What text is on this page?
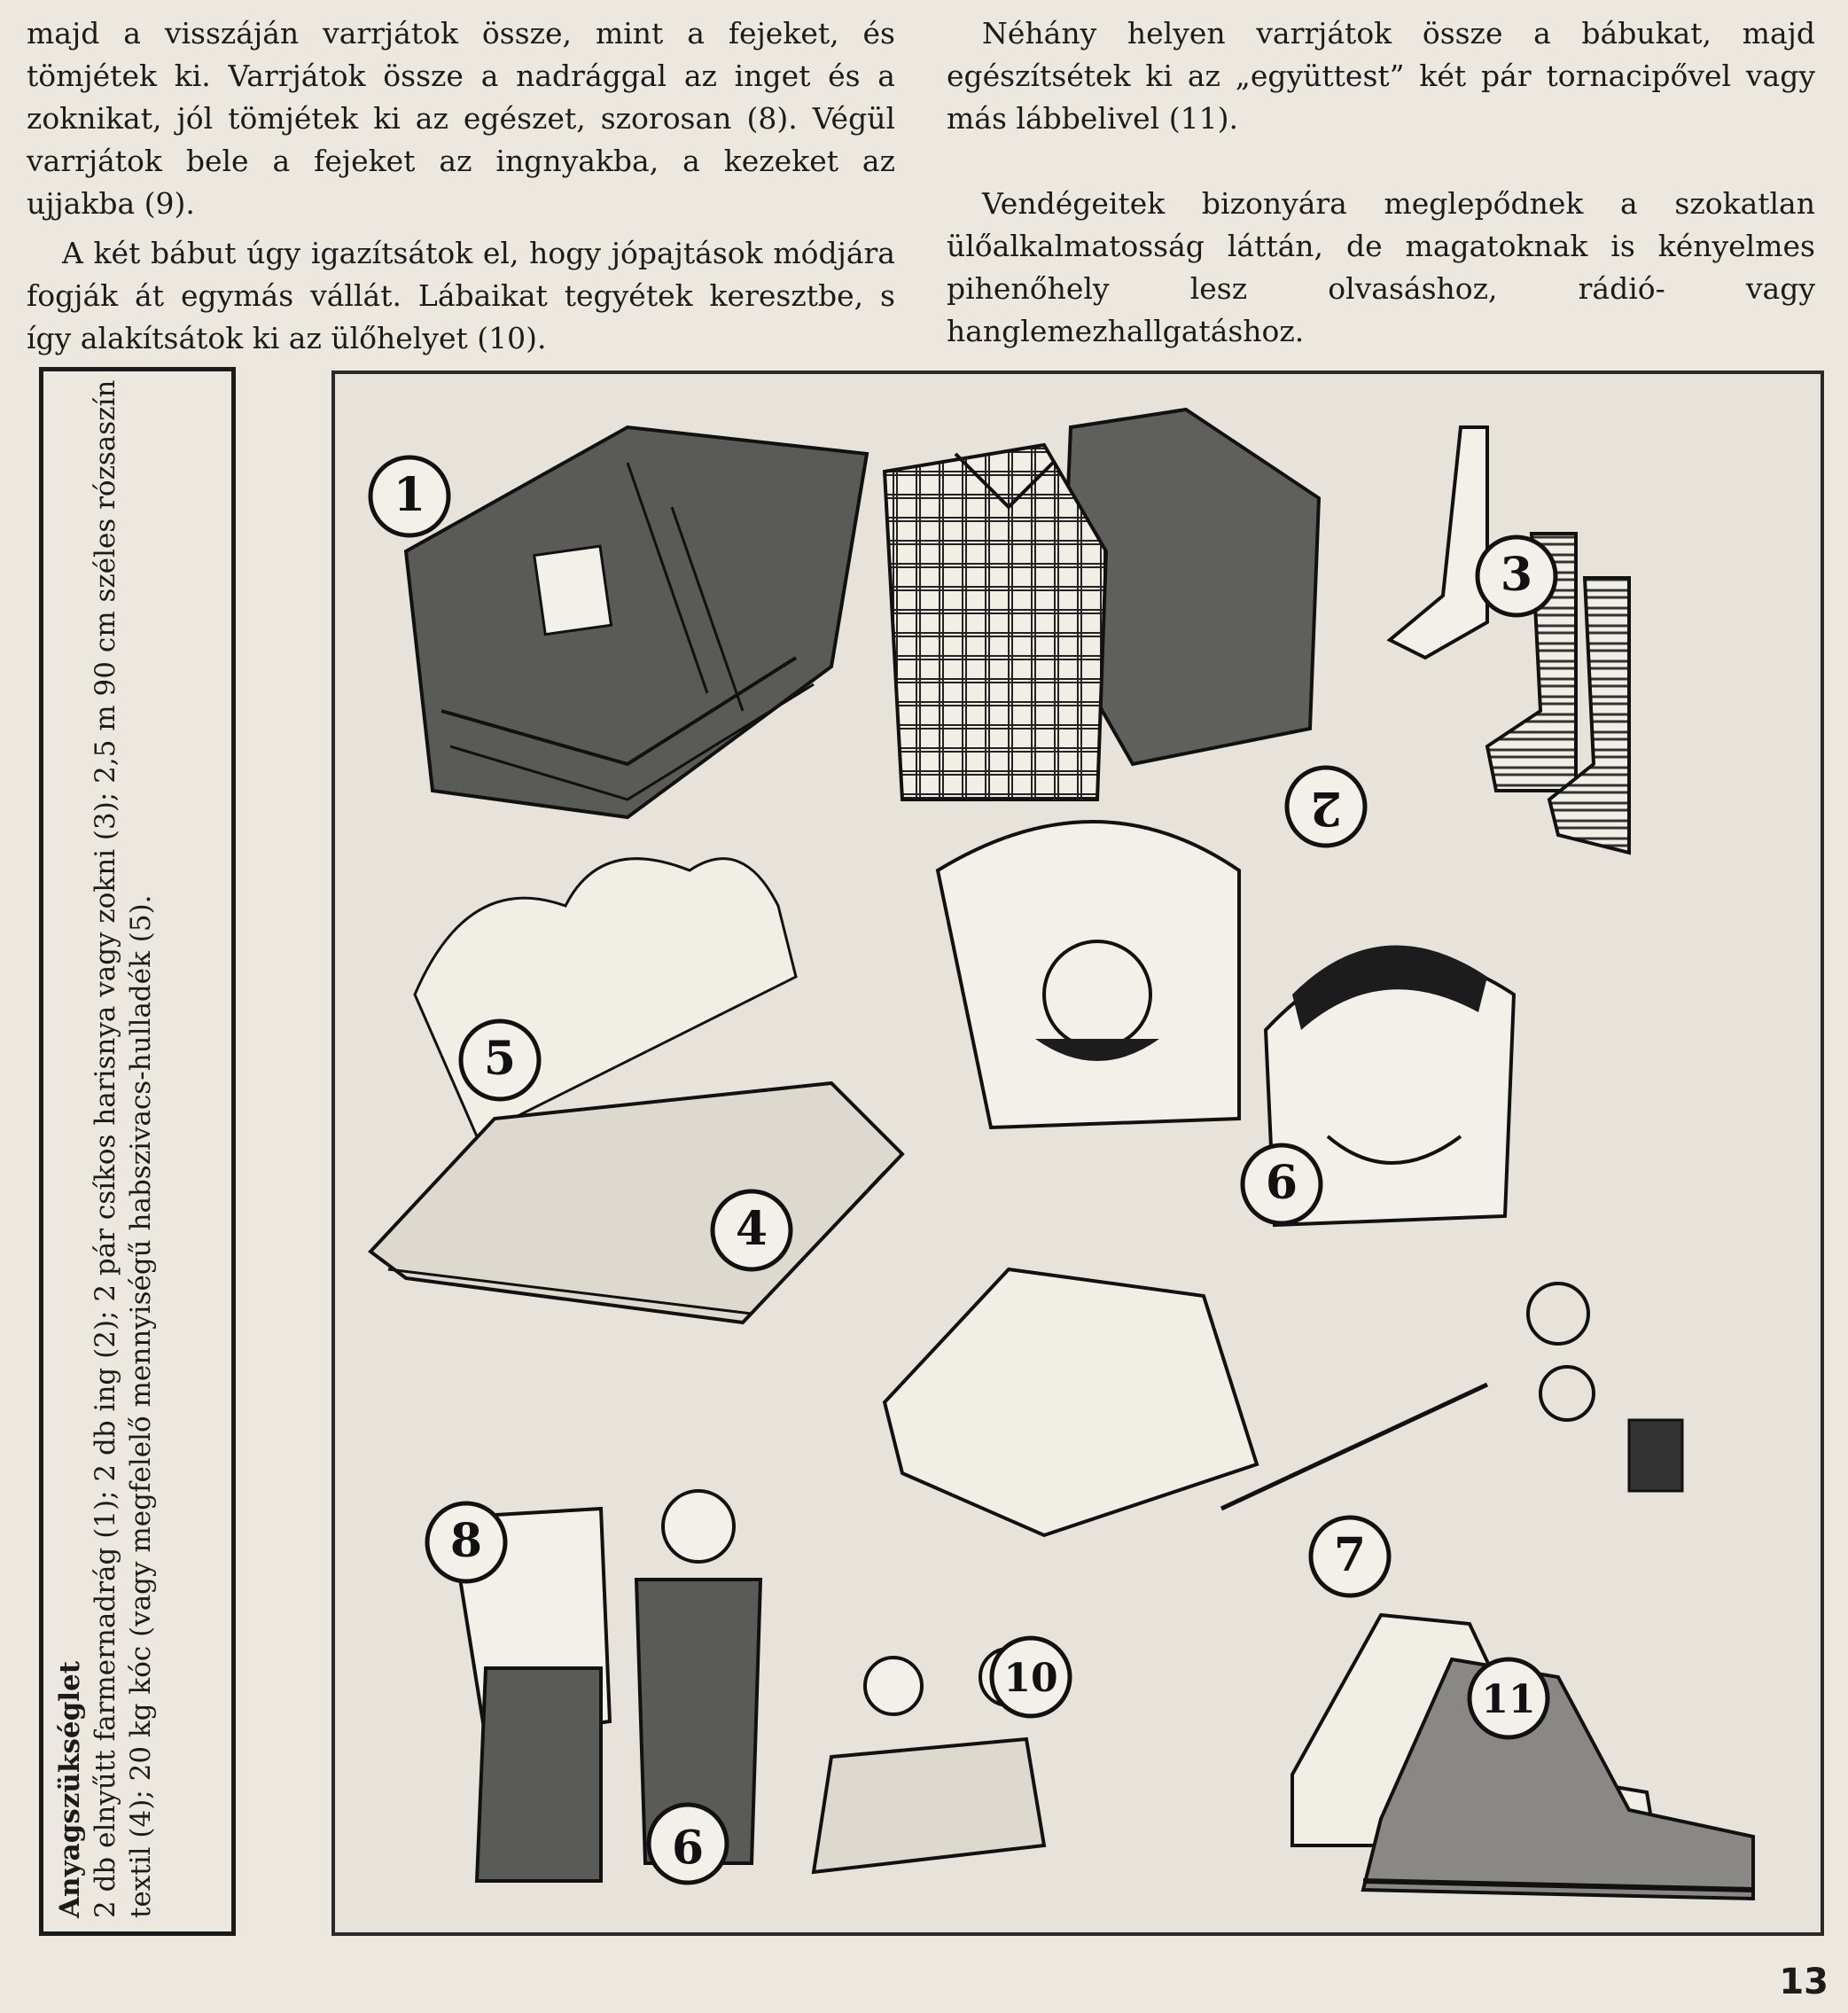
majd a visszáján varrjátok össze, mint a fejeket, és tömjétek ki. Varrjátok össze a nadrággal az inget és a zoknikat, jól tömjétek ki az egészet, szorosan (8). Végül varrjátok bele a fejeket az ingnyakba, a kezeket az ujjakba (9).

A két bábut úgy igazítsátok el, hogy jópajtások módjára fogják át egymás vállát. Lábaikat tegyétek keresztbe, s így alakítsátok ki az ülőhelyet (10).

Néhány helyen varrjátok össze a bábukat, majd egészítsétek ki az „együttest” két pár tornacipővel vagy más lábbelivel (11).

Vendégeitek bizonyára meglepődnek a szokatlan ülőalkalmatosság láttán, de magatoknak is kényelmes pihenőhely lesz olvasáshoz, rádió- vagy hanglemezhallgatáshoz.

Anyagszükséglet 2 db elnyűtt farmernadrág (1); 2 db ing (2); 2 pár csíkos harisnya vagy zokni (3); 2,5 m 90 cm széles rózsaszín textil (4); 20 kg kóc (vagy megfelelő mennyiségű habszivacs-hulladék (5).
1
2
3
4
5
6
7
8
9
10	11
13
